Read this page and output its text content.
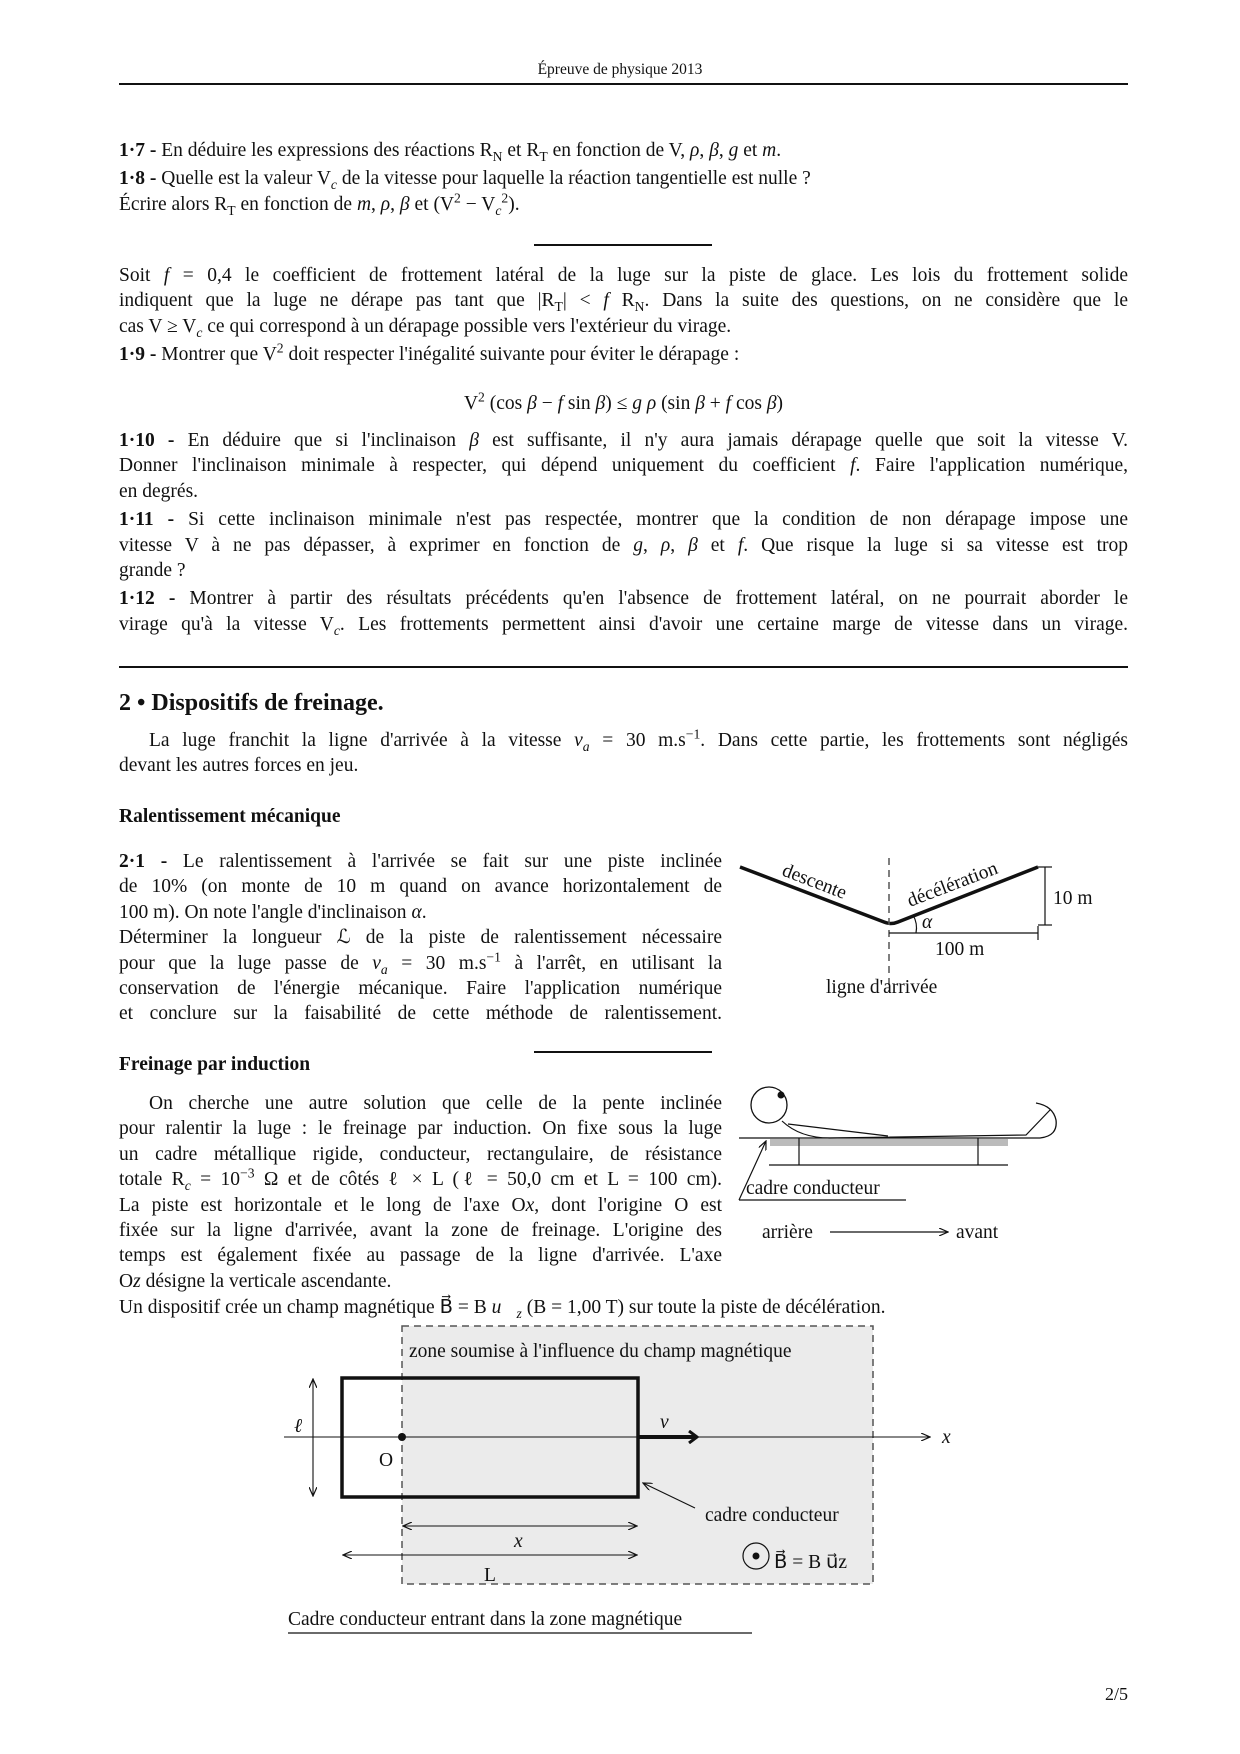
Épreuve de physique 2013
1·7 - En déduire les expressions des réactions $R_N$ et $R_T$ en fonction de V, ρ, β, g et m.
1·8 - Quelle est la valeur $V_c$ de la vitesse pour laquelle la réaction tangentielle est nulle ?
Écrire alors $R_T$ en fonction de m, ρ, β et $(V^2 - V_c^2)$.
Soit f = 0,4 le coefficient de frottement latéral de la luge sur la piste de glace. Les lois du frottement solide
indiquent que la luge ne dérape pas tant que $|R_T| < f$ $R_N$. Dans la suite des questions, on ne considère que le
cas $V \ge V_c$ ce qui correspond à un dérapage possible vers l'extérieur du virage.
1·9 - Montrer que $V^2$ doit respecter l'inégalité suivante pour éviter le dérapage :
$V^2$ (cos β − f sin β) ≤ g ρ (sin β + f cos β)
1·10 - En déduire que si l'inclinaison β est suffisante, il n'y aura jamais dérapage quelle que soit la vitesse V.
Donner l'inclinaison minimale à respecter, qui dépend uniquement du coefficient f. Faire l'application numérique,
en degrés.
1·11 - Si cette inclinaison minimale n'est pas respectée, montrer que la condition de non dérapage impose une
vitesse V à ne pas dépasser, à exprimer en fonction de g, ρ, β et f. Que risque la luge si sa vitesse est trop
grande ?
1·12 - Montrer à partir des résultats précédents qu'en l'absence de frottement latéral, on ne pourrait aborder le
virage qu'à la vitesse $V_c$. Les frottements permettent ainsi d'avoir une certaine marge de vitesse dans un virage.
2 • Dispositifs de freinage.
La luge franchit la ligne d'arrivée à la vitesse $v_a = 30$ $m.s^{-1}$. Dans cette partie, les frottements sont négligés
devant les autres forces en jeu.
Ralentissement mécanique
2·1 - Le ralentissement à l'arrivée se fait sur une piste inclinée
de 10% (on monte de 10 m quand on avance horizontalement de
100 m). On note l'angle d'inclinaison α.
Déterminer la longueur ℒ de la piste de ralentissement nécessaire
pour que la luge passe de $v_a = 30$ $m.s^{-1}$ à l'arrêt, en utilisant la
conservation de l'énergie mécanique. Faire l'application numérique
et conclure sur la faisabilité de cette méthode de ralentissement.
Freinage par induction
On cherche une autre solution que celle de la pente inclinée
pour ralentir la luge : le freinage par induction. On fixe sous la luge
un cadre métallique rigide, conducteur, rectangulaire, de résistance
totale $R_c = 10^{-3}$ Ω et de côtés ℓ × L (ℓ = 50,0 cm et L = 100 cm).
La piste est horizontale et le long de l'axe Ox, dont l'origine O est
fixée sur la ligne d'arrivée, avant la zone de freinage. L'origine des
temps est également fixée au passage de la ligne d'arrivée. L'axe
Oz désigne la verticale ascendante.
Un dispositif crée un champ magnétique B⃗ = B $u⃗_z$ (B = 1,00 T) sur toute la piste de décélération.
α
10 m
100 m
ligne d'arrivée
descente	décélération
cadre conducteur
arrière	avant
zone soumise à l'influence du champ magnétique
x
O
ℓ	v⃗
cadre conducteur
x
L
B⃗ = B u⃗z
Cadre conducteur entrant dans la zone magnétique
2/5
